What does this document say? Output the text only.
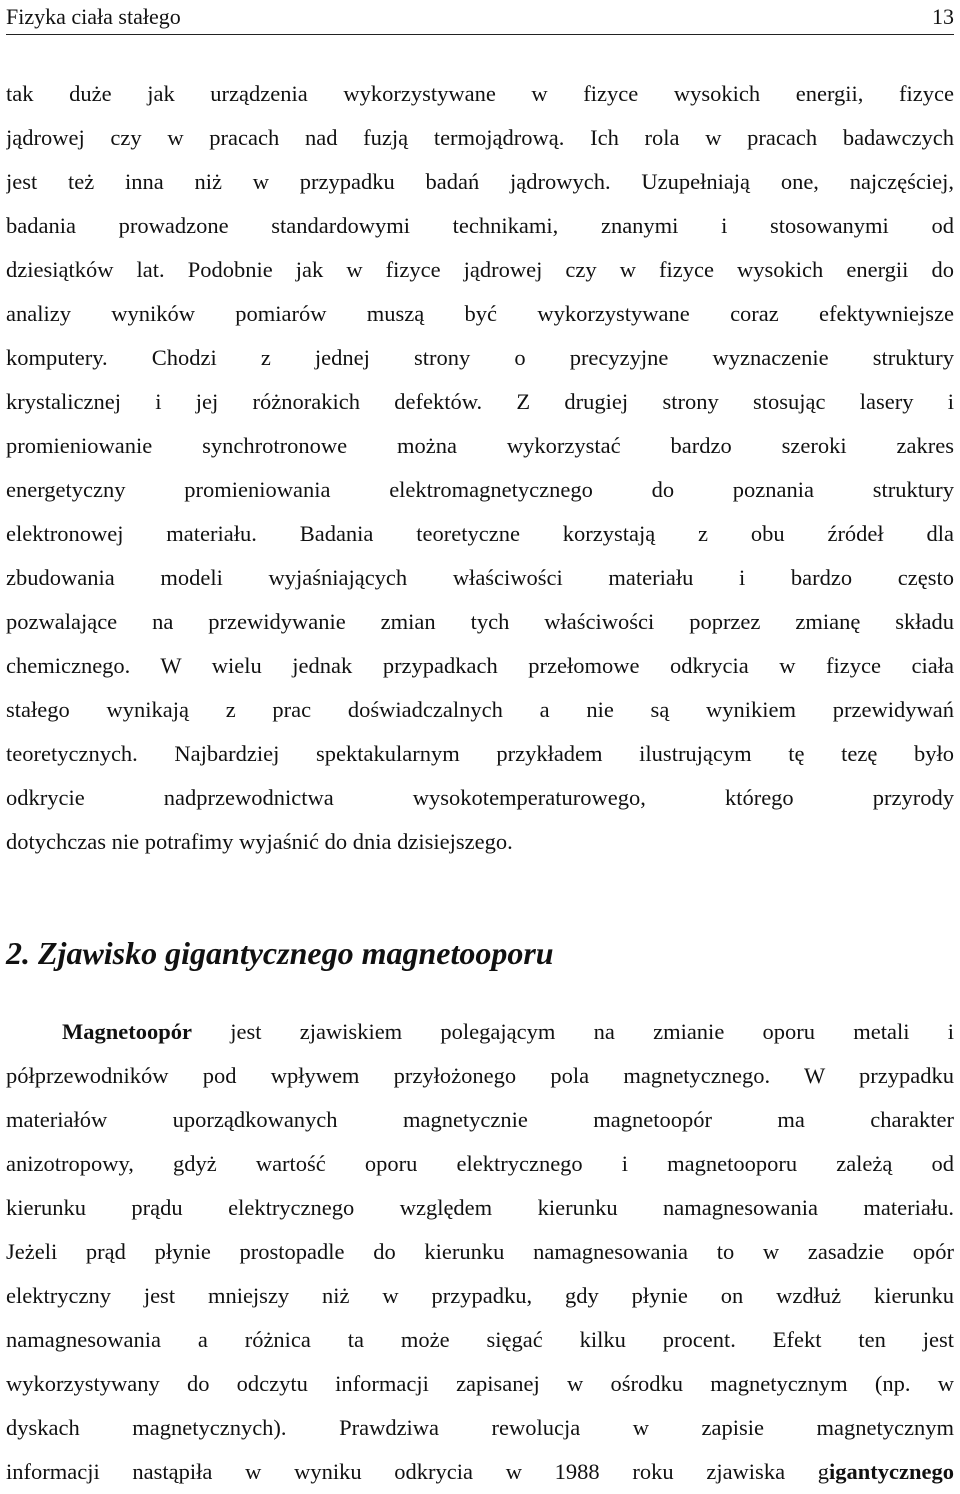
Fizyka ciała stałego	13
tak duże jak urządzenia wykorzystywane w fizyce wysokich energii, fizyce
jądrowej czy w pracach nad fuzją termojądrową. Ich rola w pracach badawczych
jest też inna niż w przypadku badań jądrowych. Uzupełniają one, najczęściej,
badania prowadzone standardowymi technikami, znanymi i stosowanymi od
dziesiątków lat. Podobnie jak w fizyce jądrowej czy w fizyce wysokich energii do
analizy wyników pomiarów muszą być wykorzystywane coraz efektywniejsze
komputery. Chodzi z jednej strony o precyzyjne wyznaczenie struktury
krystalicznej i jej różnorakich defektów. Z drugiej strony stosując lasery i
promieniowanie synchrotronowe można wykorzystać bardzo szeroki zakres
energetyczny promieniowania elektromagnetycznego do poznania struktury
elektronowej materiału. Badania teoretyczne korzystają z obu źródeł dla
zbudowania modeli wyjaśniających właściwości materiału i bardzo często
pozwalające na przewidywanie zmian tych właściwości poprzez zmianę składu
chemicznego. W wielu jednak przypadkach przełomowe odkrycia w fizyce ciała
stałego wynikają z prac doświadczalnych a nie są wynikiem przewidywań
teoretycznych. Najbardziej spektakularnym przykładem ilustrującym tę tezę było
odkrycie nadprzewodnictwa wysokotemperaturowego, którego przyrody
dotychczas nie potrafimy wyjaśnić do dnia dzisiejszego.
2. Zjawisko gigantycznego magnetooporu
Magnetoopór jest zjawiskiem polegającym na zmianie oporu metali i
półprzewodników pod wpływem przyłożonego pola magnetycznego. W przypadku
materiałów uporządkowanych magnetycznie magnetoopór ma charakter
anizotropowy, gdyż wartość oporu elektrycznego i magnetooporu zależą od
kierunku prądu elektrycznego względem kierunku namagnesowania materiału.
Jeżeli prąd płynie prostopadle do kierunku namagnesowania to w zasadzie opór
elektryczny jest mniejszy niż w przypadku, gdy płynie on wzdłuż kierunku
namagnesowania a różnica ta może sięgać kilku procent. Efekt ten jest
wykorzystywany do odczytu informacji zapisanej w ośrodku magnetycznym (np. w
dyskach magnetycznych). Prawdziwa rewolucja w zapisie magnetycznym
informacji nastąpiła w wyniku odkrycia w 1988 roku zjawiska gigantycznego
